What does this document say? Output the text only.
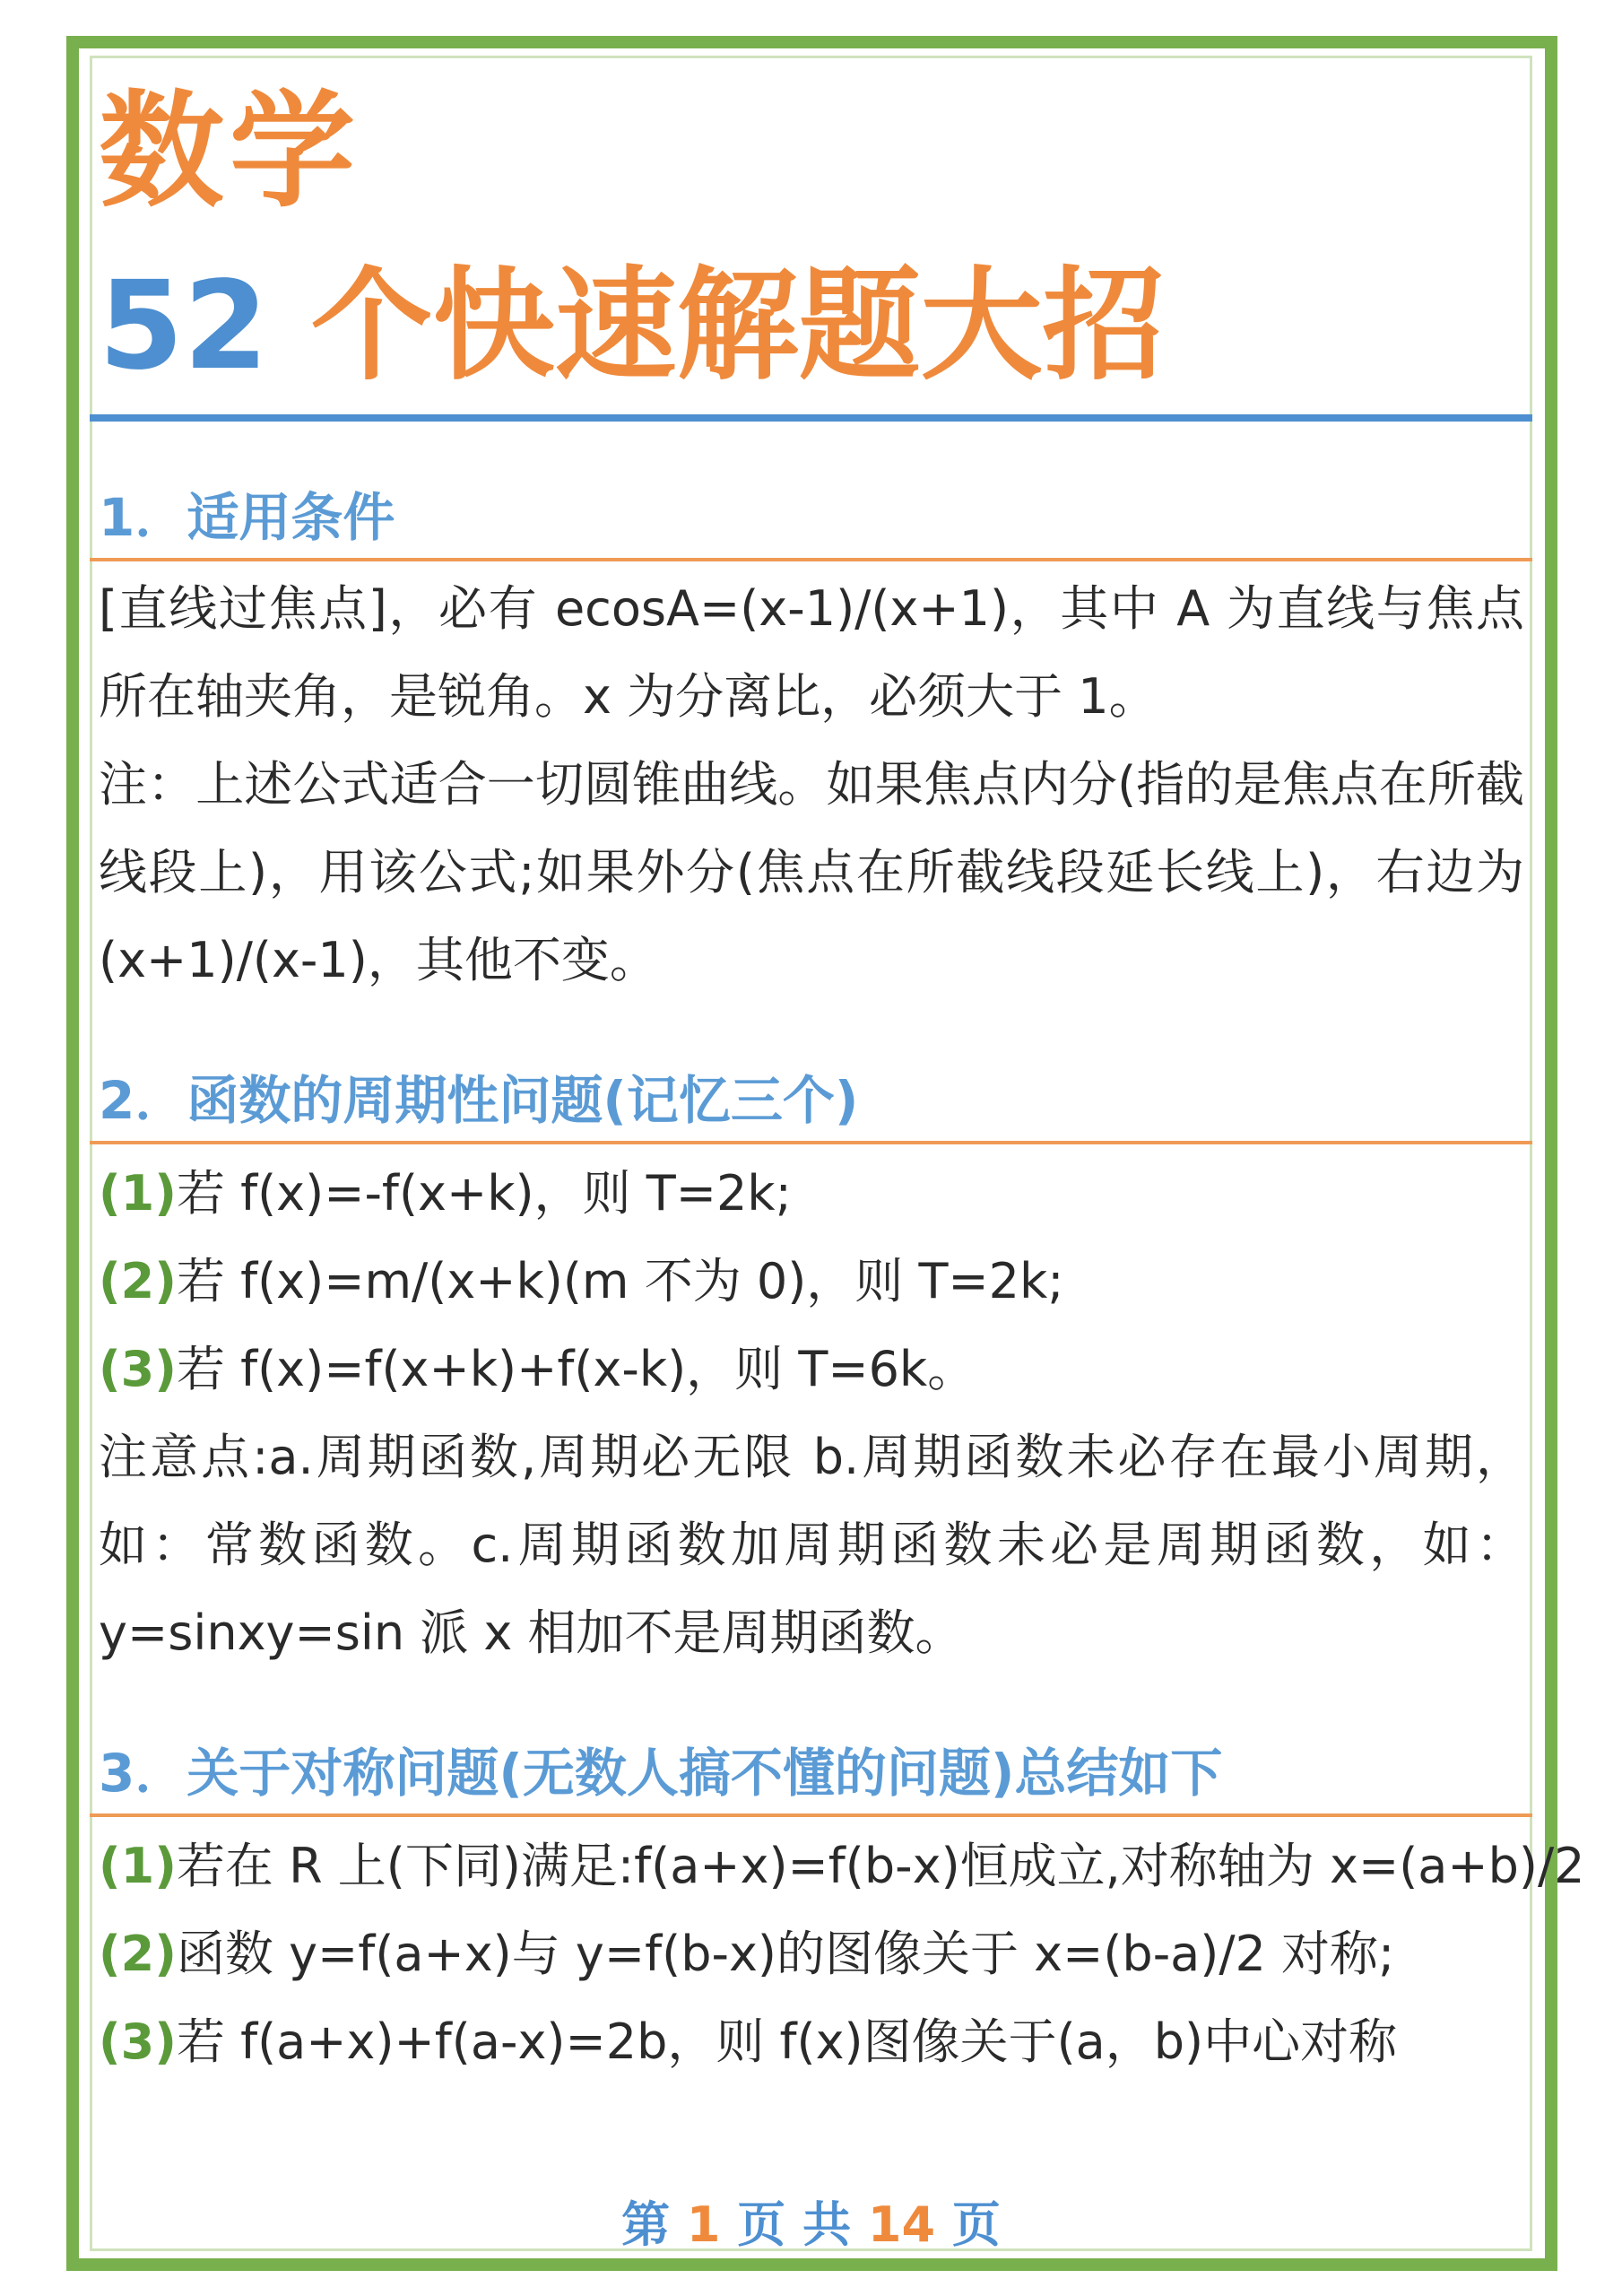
数学
52 个快速解题大招
1．适用条件

[直线过焦点]，必有 ecosA=(x-1)/(x+1)，其中 A 为直线与焦点所在轴夹角，是锐角。x 为分离比，必须大于 1。

注：上述公式适合一切圆锥曲线。如果焦点内分(指的是焦点在所截线段上)，用该公式;如果外分(焦点在所截线段延长线上)，右边为(x+1)/(x-1)，其他不变。

2．函数的周期性问题(记忆三个)

(1)若 f(x)=-f(x+k)，则 T=2k;

(2)若 f(x)=m/(x+k)(m 不为 0)，则 T=2k;

(3)若 f(x)=f(x+k)+f(x-k)，则 T=6k。

注意点:a.周期函数,周期必无限 b.周期函数未必存在最小周期，如：常数函数。c.周期函数加周期函数未必是周期函数，如：y=sinxy=sin 派 x 相加不是周期函数。

3．关于对称问题(无数人搞不懂的问题)总结如下

(1)若在 R 上(下同)满足:f(a+x)=f(b-x)恒成立,对称轴为 x=(a+b)/2

(2)函数 y=f(a+x)与 y=f(b-x)的图像关于 x=(b-a)/2 对称;

(3)若 f(a+x)+f(a-x)=2b，则 f(x)图像关于(a，b)中心对称

第 1 页 共 14 页
